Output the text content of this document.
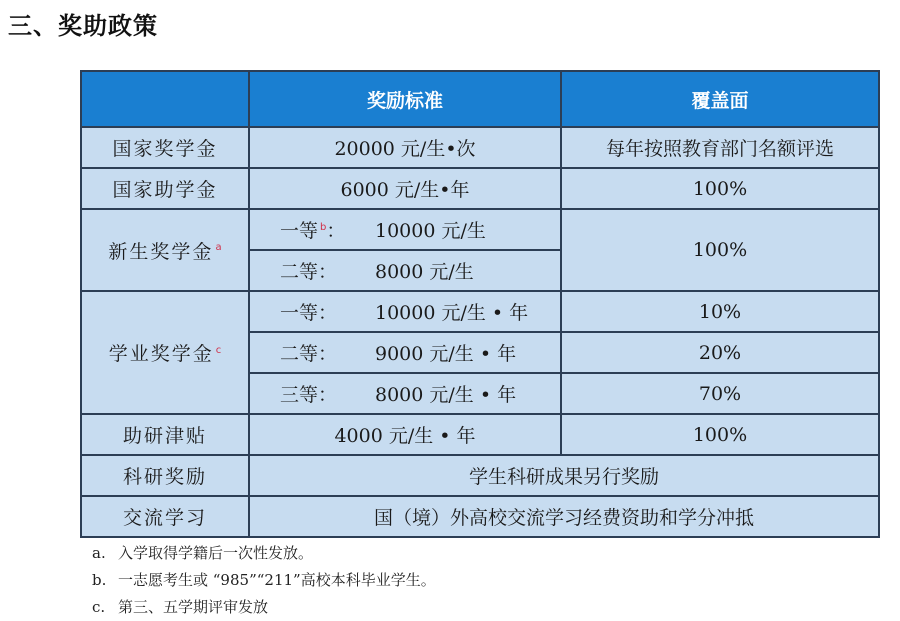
三、奖助政策
	奖励标准	覆盖面
国家奖学金	20000 元/生•次	每年按照教育部门名额评选
国家助学金	6000 元/生•年	100%
新生奖学金 $^a$	一等 $^b$： 10000 元/生	100%
	二等： 8000 元/生	
学业奖学金 $^c$	一等： 10000 元/生 • 年	10%
	二等： 9000 元/生 • 年	20%
	三等： 8000 元/生 • 年	70%
助研津贴	4000 元/生 • 年	100%
科研奖励	学生科研成果另行奖励	
交流学习	国（境）外高校交流学习经费资助和学分冲抵	
a. 入学取得学籍后一次性发放。
b. 一志愿考生或 “985”“211”高校本科毕业学生。
c. 第三、五学期评审发放
